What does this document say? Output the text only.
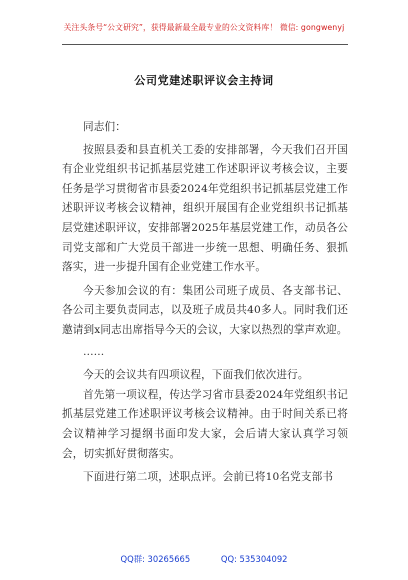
关注头条号“公文研究”，获得最新最全最专业的公文资料库！ 微信: gongwenyj
公司党建述职评议会主持词

同志们：

按照县委和县直机关工委的安排部署，今天我们召开国有企业党组织书记抓基层党建工作述职评议考核会议，主要任务是学习贯彻省市县委2024年党组织书记抓基层党建工作述职评议考核会议精神，组织开展国有企业党组织书记抓基层党建述职评议，安排部署2025年基层党建工作，动员各公司党支部和广大党员干部进一步统一思想、明确任务、狠抓落实，进一步提升国有企业党建工作水平。

今天参加会议的有：集团公司班子成员、各支部书记、各公司主要负责同志，以及班子成员共40多人。同时我们还邀请到x同志出席指导今天的会议，大家以热烈的掌声欢迎。

……

今天的会议共有四项议程，下面我们依次进行。

首先第一项议程，传达学习省市县委2024年党组织书记抓基层党建工作述职评议考核会议精神。由于时间关系已将会议精神学习提纲书面印发大家，会后请大家认真学习领会，切实抓好贯彻落实。

下面进行第二项，述职点评。会前已将10名党支部书

QQ群: 30265665	QQ: 535304092
